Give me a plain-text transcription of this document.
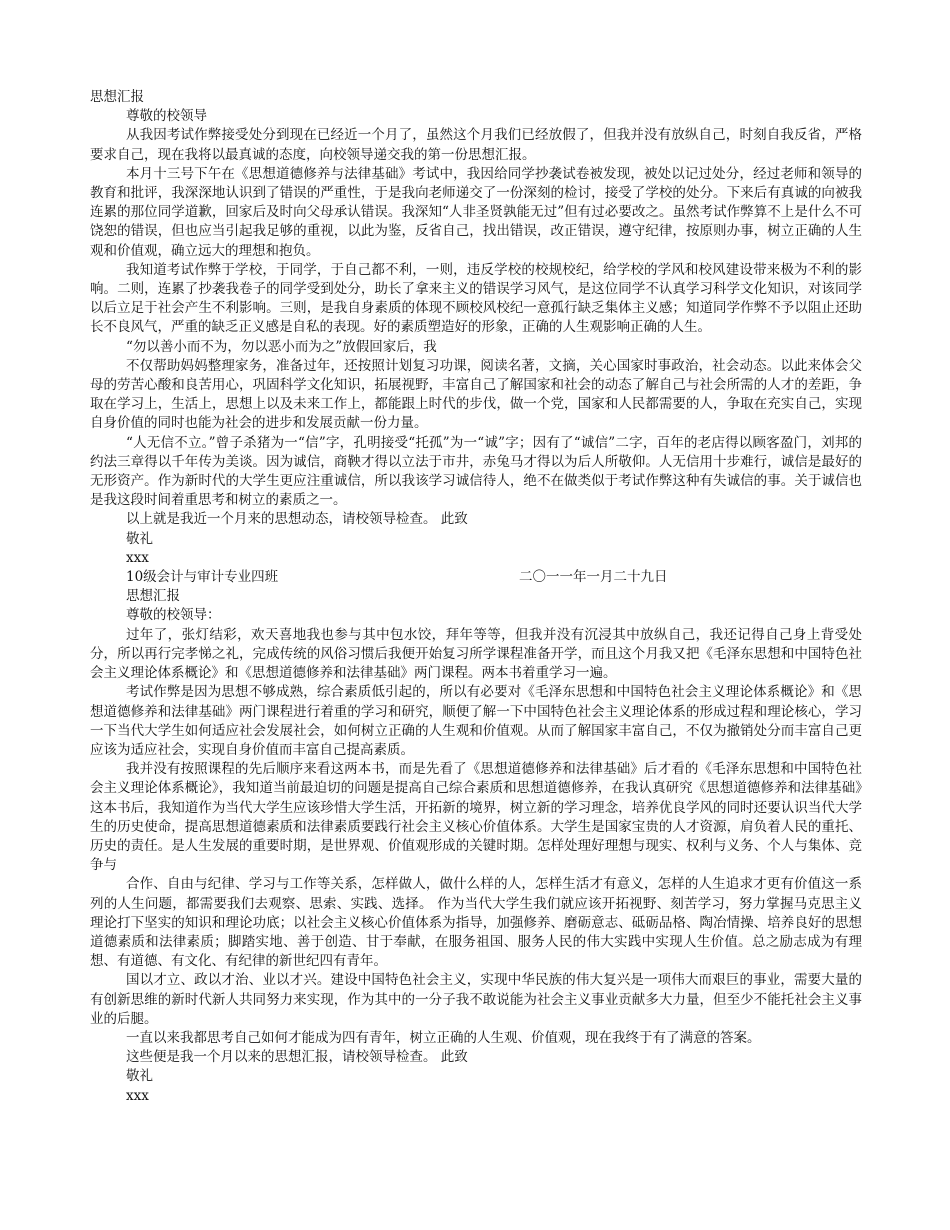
思想汇报

尊敬的校领导

从我因考试作弊接受处分到现在已经近一个月了，虽然这个月我们已经放假了，但我并没有放纵自己，时刻自我反省，严格要求自己，现在我将以最真诚的态度，向校领导递交我的第一份思想汇报。

本月十三号下午在《思想道德修养与法律基础》考试中，我因给同学抄袭试卷被发现，被处以记过处分，经过老师和领导的教育和批评，我深深地认识到了错误的严重性，于是我向老师递交了一份深刻的检讨，接受了学校的处分。下来后有真诚的向被我连累的那位同学道歉，回家后及时向父母承认错误。我深知“人非圣贤孰能无过”但有过必要改之。虽然考试作弊算不上是什么不可饶恕的错误，但也应当引起我足够的重视，以此为鉴，反省自己，找出错误，改正错误，遵守纪律，按原则办事，树立正确的人生观和价值观，确立远大的理想和抱负。

我知道考试作弊于学校，于同学，于自己都不利，一则，违反学校的校规校纪，给学校的学风和校风建设带来极为不利的影响。二则，连累了抄袭我卷子的同学受到处分，助长了拿来主义的错误学习风气，是这位同学不认真学习科学文化知识，对该同学以后立足于社会产生不利影响。三则，是我自身素质的体现不顾校风校纪一意孤行缺乏集体主义感；知道同学作弊不予以阻止还助长不良风气，严重的缺乏正义感是自私的表现。好的素质塑造好的形象，正确的人生观影响正确的人生。

“勿以善小而不为，勿以恶小而为之”放假回家后，我

不仅帮助妈妈整理家务，准备过年，还按照计划复习功课，阅读名著，文摘，关心国家时事政治，社会动态。以此来体会父母的劳苦心酸和良苦用心，巩固科学文化知识，拓展视野，丰富自己了解国家和社会的动态了解自己与社会所需的人才的差距，争取在学习上，生活上，思想上以及未来工作上，都能跟上时代的步伐，做一个党，国家和人民都需要的人，争取在充实自己，实现自身价值的同时也能为社会的进步和发展贡献一份力量。

“人无信不立。”曾子杀猪为一“信”字，孔明接受“托孤”为一“诚”字；因有了“诚信”二字，百年的老店得以顾客盈门，刘邦的约法三章得以千年传为美谈。因为诚信，商鞅才得以立法于市井，赤兔马才得以为后人所敬仰。人无信用十步难行，诚信是最好的无形资产。作为新时代的大学生更应注重诚信，所以我该学习诚信待人，绝不在做类似于考试作弊这种有失诚信的事。关于诚信也是我这段时间着重思考和树立的素质之一。

以上就是我近一个月来的思想动态，请校领导检查。 此致

敬礼

xxx

10级会计与审计专业四班	二〇一一年一月二十九日

思想汇报

尊敬的校领导：

过年了，张灯结彩，欢天喜地我也参与其中包水饺，拜年等等，但我并没有沉浸其中放纵自己，我还记得自己身上背受处分，所以再行完孝悌之礼，完成传统的风俗习惯后我便开始复习所学课程准备开学，而且这个月我又把《毛泽东思想和中国特色社会主义理论体系概论》和《思想道德修养和法律基础》两门课程。两本书着重学习一遍。

考试作弊是因为思想不够成熟，综合素质低引起的，所以有必要对《毛泽东思想和中国特色社会主义理论体系概论》和《思想道德修养和法律基础》两门课程进行着重的学习和研究，顺便了解一下中国特色社会主义理论体系的形成过程和理论核心，学习一下当代大学生如何适应社会发展社会，如何树立正确的人生观和价值观。从而了解国家丰富自己，不仅为撤销处分而丰富自己更应该为适应社会，实现自身价值而丰富自己提高素质。

我并没有按照课程的先后顺序来看这两本书，而是先看了《思想道德修养和法律基础》后才看的《毛泽东思想和中国特色社会主义理论体系概论》，我知道当前最迫切的问题是提高自己综合素质和思想道德修养，在我认真研究《思想道德修养和法律基础》这本书后，我知道作为当代大学生应该珍惜大学生活，开拓新的境界，树立新的学习理念，培养优良学风的同时还要认识当代大学生的历史使命，提高思想道德素质和法律素质要践行社会主义核心价值体系。大学生是国家宝贵的人才资源，肩负着人民的重托、历史的责任。是人生发展的重要时期，是世界观、价值观形成的关键时期。怎样处理好理想与现实、权利与义务、个人与集体、竞争与

合作、自由与纪律、学习与工作等关系，怎样做人，做什么样的人，怎样生活才有意义，怎样的人生追求才更有价值这一系列的人生问题，都需要我们去观察、思索、实践、选择。 作为当代大学生我们就应该开拓视野、刻苦学习，努力掌握马克思主义理论打下坚实的知识和理论功底；以社会主义核心价值体系为指导，加强修养、磨砺意志、砥砺品格、陶冶情操、培养良好的思想道德素质和法律素质；脚踏实地、善于创造、甘于奉献，在服务祖国、服务人民的伟大实践中实现人生价值。总之励志成为有理想、有道德、有文化、有纪律的新世纪四有青年。

国以才立、政以才治、业以才兴。建设中国特色社会主义，实现中华民族的伟大复兴是一项伟大而艰巨的事业，需要大量的有创新思维的新时代新人共同努力来实现，作为其中的一分子我不敢说能为社会主义事业贡献多大力量，但至少不能托社会主义事业的后腿。

一直以来我都思考自己如何才能成为四有青年，树立正确的人生观、价值观，现在我终于有了满意的答案。

这些便是我一个月以来的思想汇报，请校领导检查。 此致

敬礼

xxx
